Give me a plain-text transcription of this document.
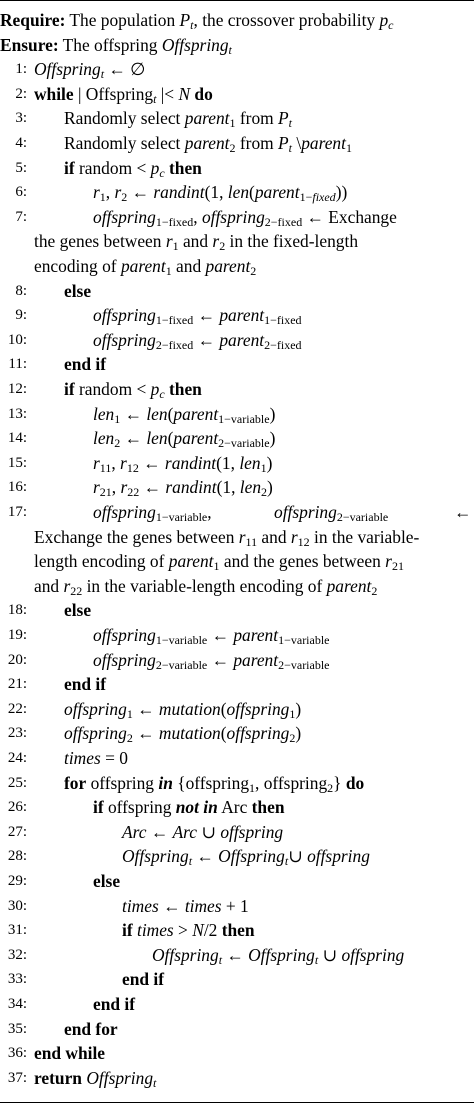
Require: The population $P_t$, the crossover probability $p_c$
Ensure: The offspring Offspring$_t$
1: Offspring$_t$ ← ∅
2: while | Offspring$_t$ |< N do
3: Randomly select parent$_1$ from $P_t$
4: Randomly select parent$_2$ from $P_t$ \parent$_1$
5: if random < $p_c$ then
6:	$r_1$, $r_2$ ← randint(1, len(parent$_{1-fixed}$))
7:	offspring$_{1-fixed}$, offspring$_{2-fixed}$ ← Exchange
the genes between $r_1$ and $r_2$ in the fixed-length
encoding of parent$_1$ and parent$_2$
8: else
9:	offspring$_{1-fixed}$ ← parent$_{1-fixed}$
10:	offspring$_{2-fixed}$ ← parent$_{2-fixed}$
11: end if
12: if random < $p_c$ then
13:	len$_1$ ← len(parent$_{1-variable}$)
14:	len$_2$ ← len(parent$_{2-variable}$)
15:	$r_{11}$, $r_{12}$ ← randint(1, len$_1$)
16:	$r_{21}$, $r_{22}$ ← randint(1, len$_2$)
17:	offspring$_{1-variable}$,	offspring$_{2-variable}$	←
Exchange the genes between $r_{11}$ and $r_{12}$ in the variable-
length encoding of parent$_1$ and the genes between $r_{21}$
and $r_{22}$ in the variable-length encoding of parent$_2$
18: else
19:	offspring$_{1-variable}$ ← parent$_{1-variable}$
20:	offspring$_{2-variable}$ ← parent$_{2-variable}$
21: end if
22: offspring$_1$ ← mutation(offspring$_1$)
23: offspring$_2$ ← mutation(offspring$_2$)
24: times = 0
25: for offspring in {offspring$_1$, offspring$_2$} do
26:	if offspring not in Arc then
27:	Arc ← Arc ∪ offspring
28:	Offspring$_t$ ← Offspring$_t$∪ offspring
29:	else
30:	times ← times + 1
31:	if times > N/2 then
32:	Offspring$_t$ ← Offspring$_t$ ∪ offspring
33:	end if
34:	end if
35: end for
36: end while
37: return Offspring$_t$
